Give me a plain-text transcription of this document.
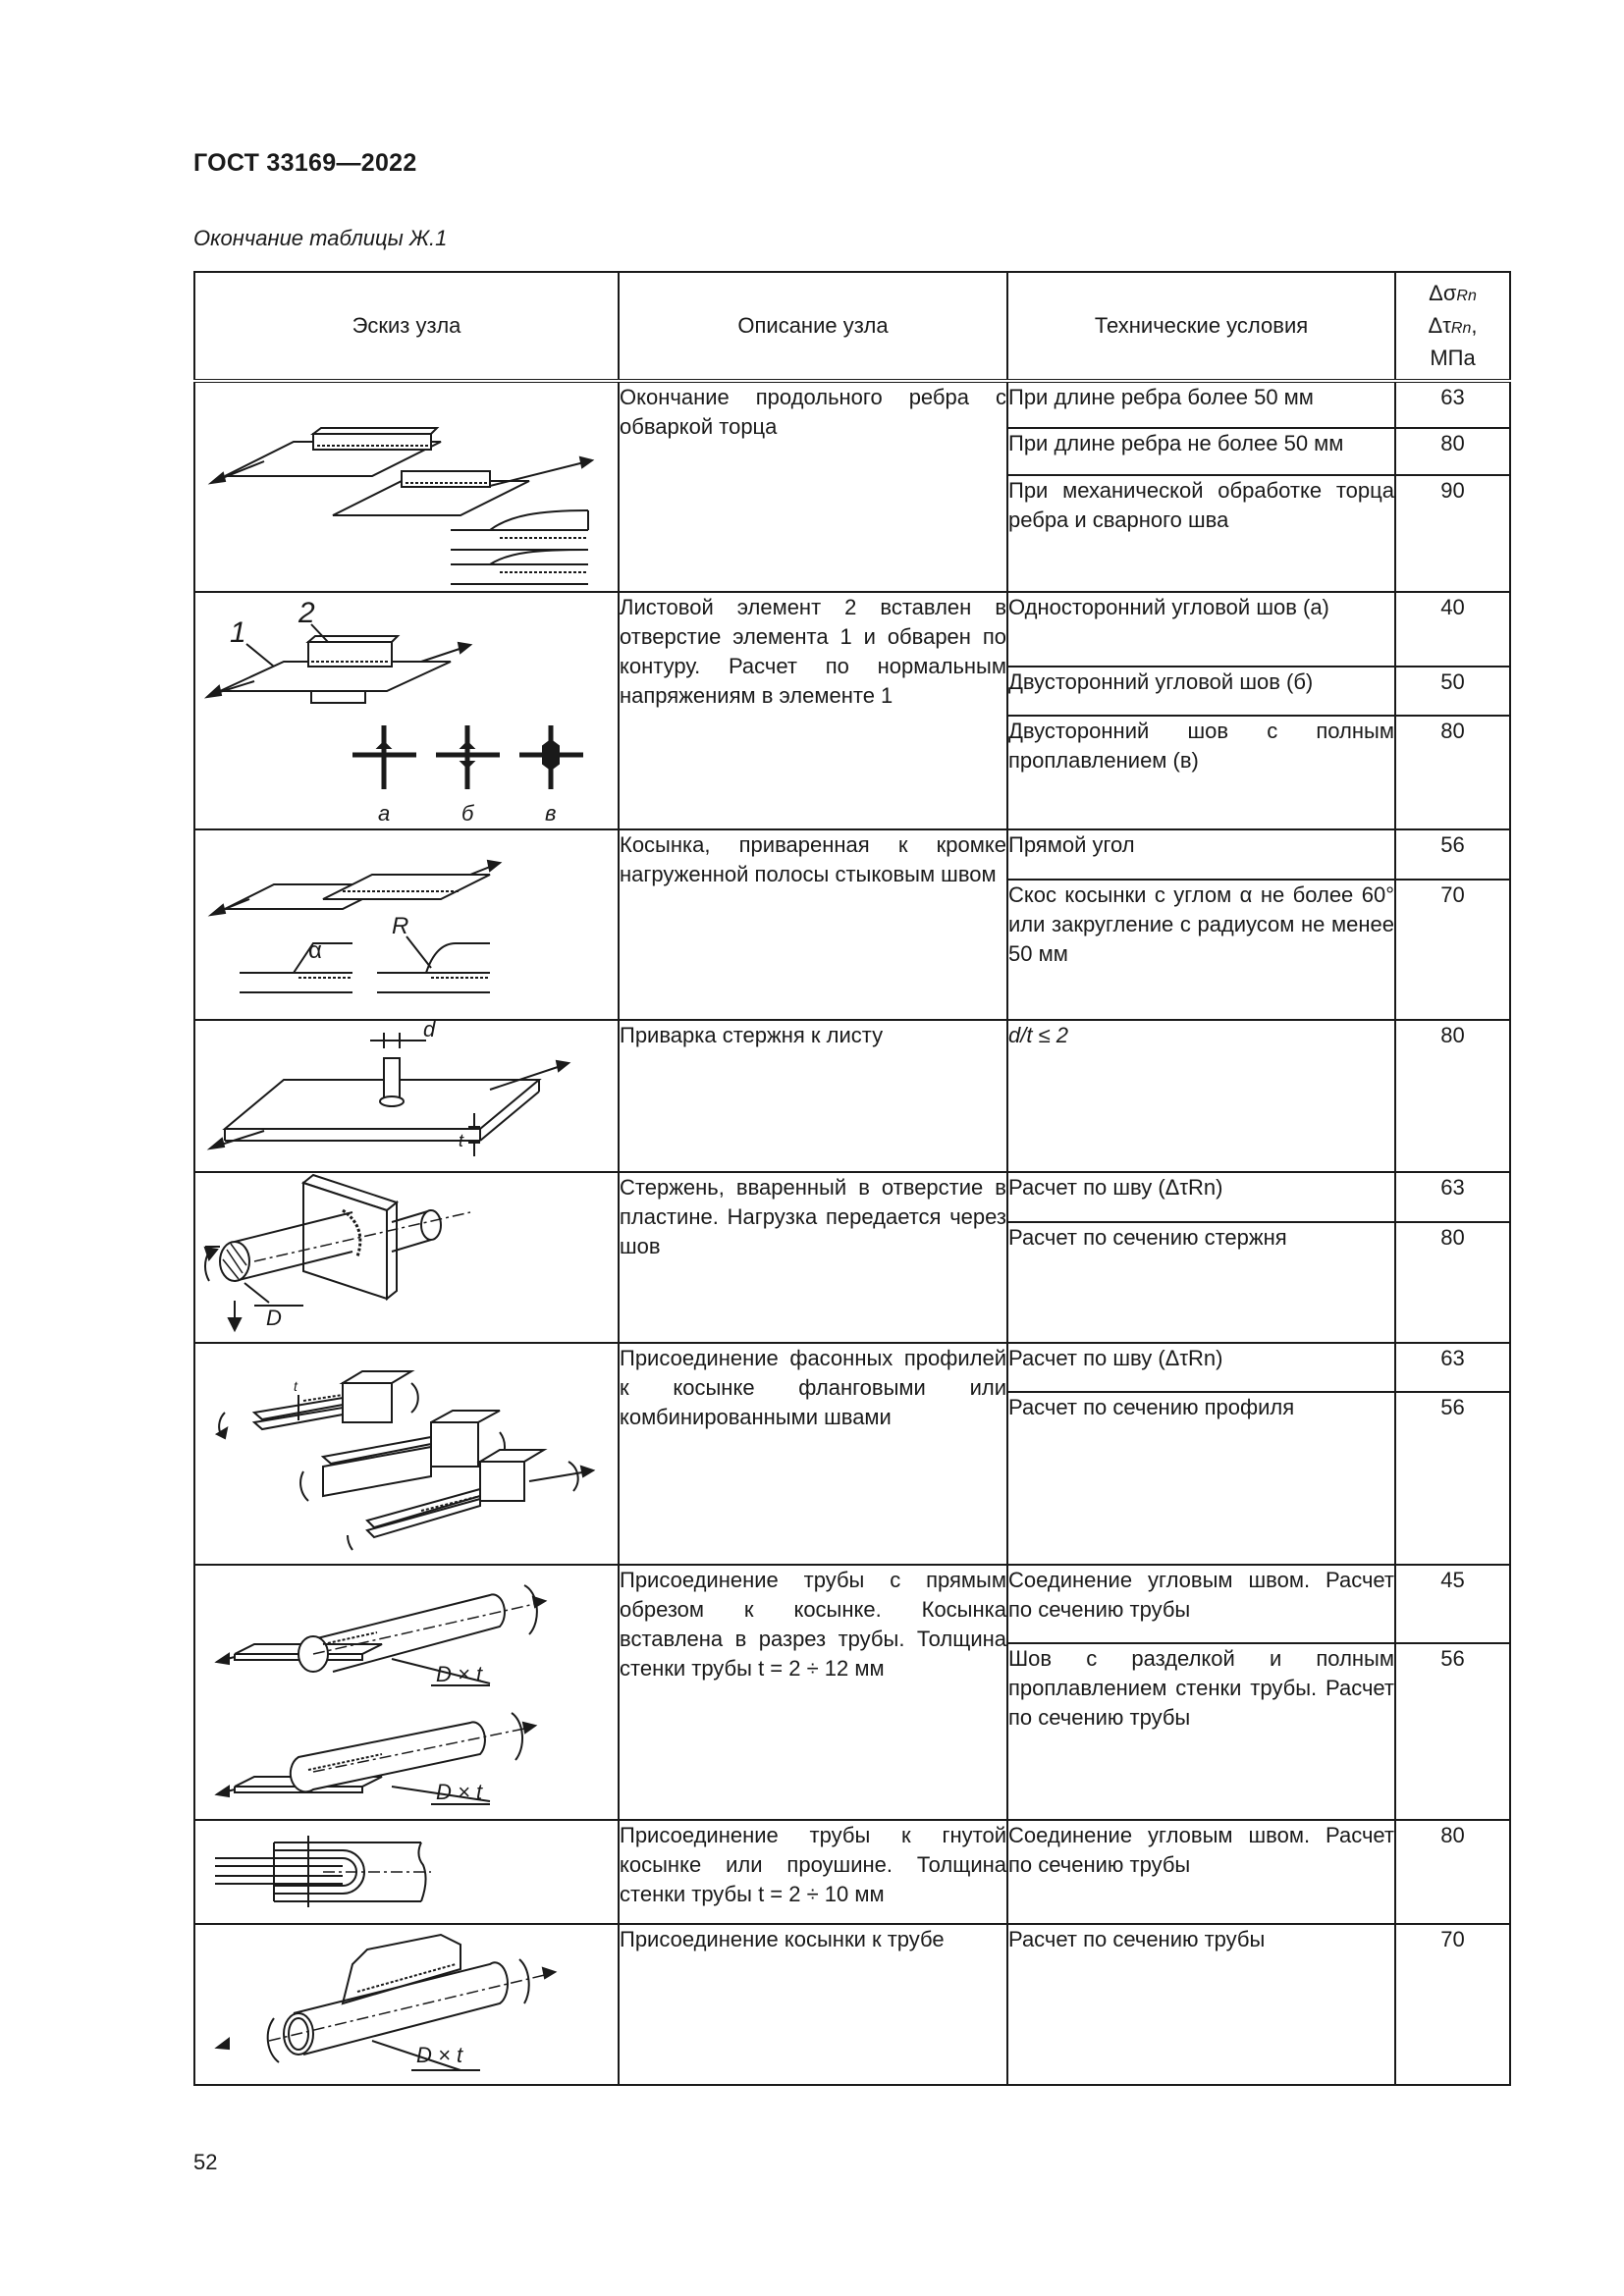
ГОСТ 33169—2022
Окончание таблицы Ж.1
Эскиз узла	Описание узла	Технические условия	ΔσRn
ΔτRn,
МПа

	Окончание продольного ребра с обваркой торца	При длине ребра более 50 мм	63
		При длине ребра не более 50 мм	80
		При механической обработке торца ребра и сварного шва	90

1
2
а б в	Листовой элемент 2 вставлен в отверстие элемента 1 и обварен по контуру. Расчет по нормальным напряжениям в элементе 1	Односторонний угловой шов (а)	40
		Двусторонний угловой шов (б)	50
		Двусторонний шов с полным проплавлением (в)	80

α
R	Косынка, приваренная к кромке нагруженной полосы стыковым швом	Прямой угол	56
		Скос косынки с углом α не более 60° или закругление с радиусом не менее 50 мм	70

d
t	Приварка стержня к листу	d/t ≤ 2	80

D	Стержень, вваренный в отверстие в пластине. Нагрузка передается через шов	Расчет по шву (ΔτRn)	63
		Расчет по сечению стержня	80

t	Присоединение фасонных профилей к косынке фланговыми или комбинированными швами	Расчет по шву (ΔτRn)	63
		Расчет по сечению профиля	56

D × t
D × t	Присоединение трубы с прямым обрезом к косынке. Косынка вставлена в разрез трубы. Толщина стенки трубы t = 2 ÷ 12 мм	Соединение угловым швом. Расчет по сечению трубы	45
		Шов с разделкой и полным проплавлением стенки трубы. Расчет по сечению трубы	56

	Присоединение трубы к гнутой косынке или проушине. Толщина стенки трубы t = 2 ÷ 10 мм	Соединение угловым швом. Расчет по сечению трубы	80

D × t	Присоединение косынки к трубе	Расчет по сечению трубы	70
52
